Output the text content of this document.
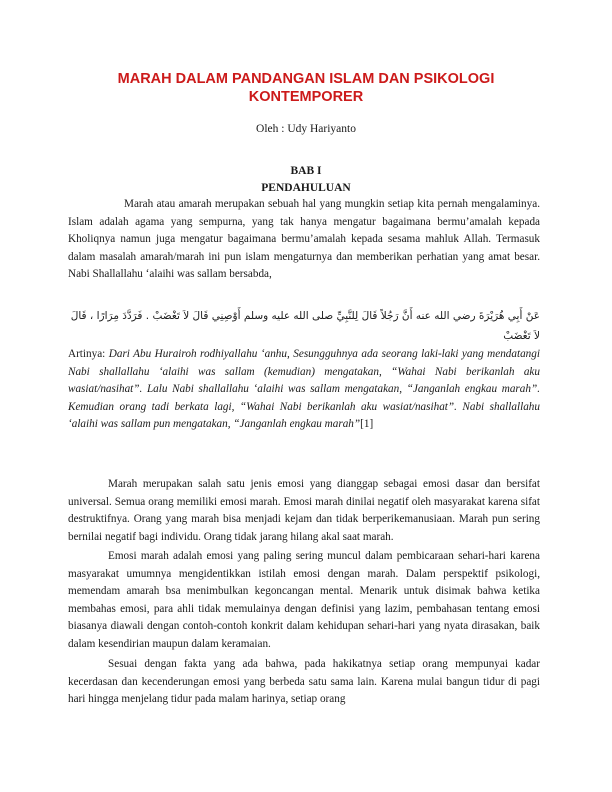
MARAH DALAM PANDANGAN ISLAM DAN PSIKOLOGI KONTEMPORER
Oleh : Udy Hariyanto
BAB I
PENDAHULUAN

Marah atau amarah merupakan sebuah hal yang mungkin setiap kita pernah mengalaminya. Islam adalah agama yang sempurna, yang tak hanya mengatur bagaimana bermu’amalah kepada Kholiqnya namun juga mengatur bagaimana bermu’amalah kepada sesama mahluk Allah. Termasuk dalam masalah amarah/marah ini pun islam mengaturnya dan memberikan perhatian yang amat besar. Nabi Shallallahu ‘alaihi was sallam bersabda,

عَنْ أَبِي هُرَيْرَةَ رضي الله عنه أَنَّ رَجُلاً قَالَ لِلنَّبِيِّ صلى الله عليه وسلم أَوْصِنِي قَالَ لاَ تَغْضَبْ . فَرَدَّدَ مِرَارًا ، قَالَ لاَ تَغْضَبْ

Artinya: Dari Abu Hurairoh rodhiyallahu ‘anhu, Sesungguhnya ada seorang laki-laki yang mendatangi Nabi shallallahu ‘alaihi was sallam (kemudian) mengatakan, “Wahai Nabi berikanlah aku wasiat/nasihat”. Lalu Nabi shallallahu ‘alaihi was sallam mengatakan, “Janganlah engkau marah”. Kemudian orang tadi berkata lagi, “Wahai Nabi berikanlah aku wasiat/nasihat”. Nabi shallallahu ‘alaihi was sallam pun mengatakan, “Janganlah engkau marah”[1]

Marah merupakan salah satu jenis emosi yang dianggap sebagai emosi dasar dan bersifat universal. Semua orang memiliki emosi marah. Emosi marah dinilai negatif oleh masyarakat karena sifat destruktifnya. Orang yang marah bisa menjadi kejam dan tidak berperikemanusiaan. Marah pun sering bernilai negatif bagi individu. Orang tidak jarang hilang akal saat marah.

Emosi marah adalah emosi yang paling sering muncul dalam pembicaraan sehari-hari karena masyarakat umumnya mengidentikkan istilah emosi dengan marah. Dalam perspektif psikologi, memendam amarah bsa menimbulkan kegoncangan mental. Menarik untuk disimak bahwa ketika membahas emosi, para ahli tidak memulainya dengan definisi yang lazim, pembahasan tentang emosi biasanya diawali dengan contoh-contoh konkrit dalam kehidupan sehari-hari yang nyata dirasakan, baik dalam kesendirian maupun dalam keramaian.

Sesuai dengan fakta yang ada bahwa, pada hakikatnya setiap orang mempunyai kadar kecerdasan dan kecenderungan emosi yang berbeda satu sama lain. Karena mulai bangun tidur di pagi hari hingga menjelang tidur pada malam harinya, setiap orang
